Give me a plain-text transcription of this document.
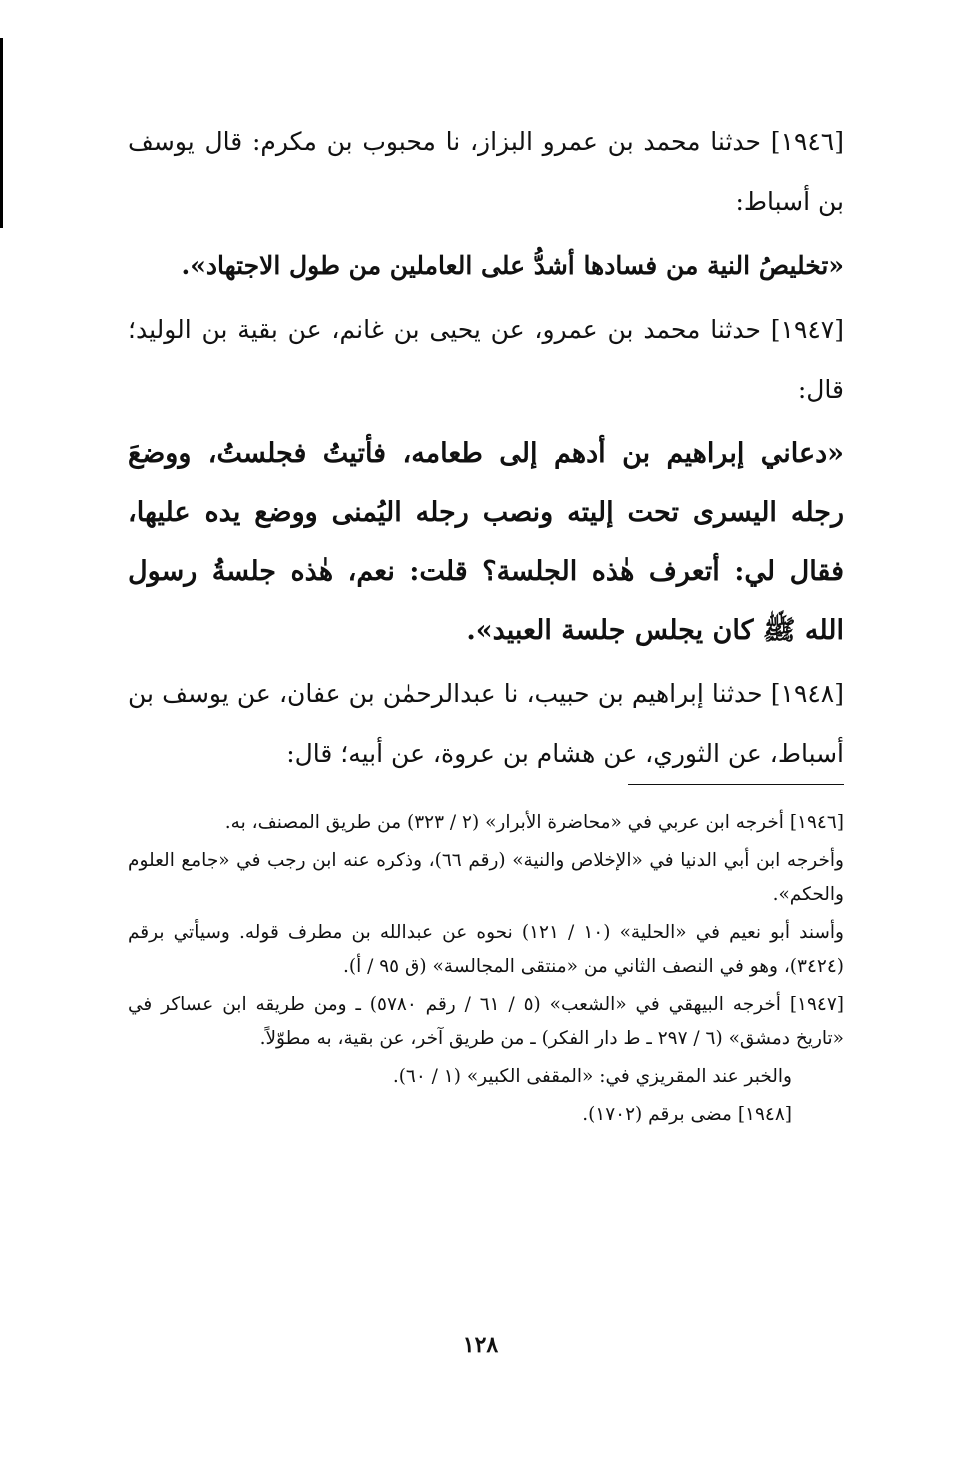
[١٩٤٦] حدثنا محمد بن عمرو البزاز، نا محبوب بن مكرم: قال يوسف بن أسباط:

«تخليصُ النية من فسادها أشدُّ على العاملين من طول الاجتهاد».

[١٩٤٧] حدثنا محمد بن عمرو، عن يحيى بن غانم، عن بقية بن الوليد؛ قال:

«دعاني إبراهيم بن أدهم إلى طعامه، فأتيتُ فجلستُ، ووضعَ رجله اليسرى تحت إليته ونصب رجله اليُمنى ووضع يده عليها، فقال لي: أتعرف هٰذه الجلسة؟ قلت: نعم، هٰذه جلسةُ رسول الله ﷺ كان يجلس جلسة العبيد».

[١٩٤٨] حدثنا إبراهيم بن حبيب، نا عبدالرحمٰن بن عفان، عن يوسف بن أسباط، عن الثوري، عن هشام بن عروة، عن أبيه؛ قال:

[١٩٤٦] أخرجه ابن عربي في «محاضرة الأبرار» (٢ / ٣٢٣) من طريق المصنف، به.

وأخرجه ابن أبي الدنيا في «الإخلاص والنية» (رقم ٦٦)، وذكره عنه ابن رجب في «جامع العلوم والحكم».

وأسند أبو نعيم في «الحلية» (١٠ / ١٢١) نحوه عن عبدالله بن مطرف قوله. وسيأتي برقم (٣٤٢٤)، وهو في النصف الثاني من «منتقى المجالسة» (ق ٩٥ / أ).

[١٩٤٧] أخرجه البيهقي في «الشعب» (٥ / ٦١ / رقم ٥٧٨٠) ـ ومن طريقه ابن عساكر في «تاريخ دمشق» (٦ / ٢٩٧ ـ ط دار الفكر) ـ من طريق آخر، عن بقية، به مطوّلاً.

والخبر عند المقريزي في: «المقفى الكبير» (١ / ٦٠).

[١٩٤٨] مضى برقم (١٧٠٢).

١٢٨
